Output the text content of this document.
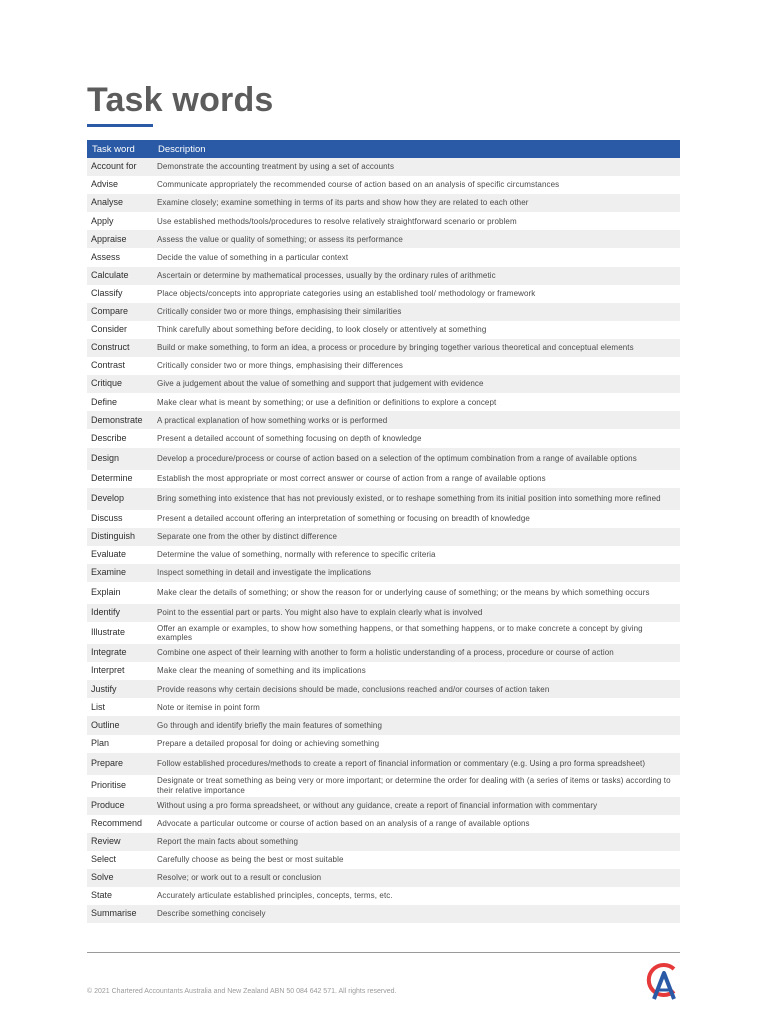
Task words
Task word	Description
Account for	Demonstrate the accounting treatment by using a set of accounts
Advise	Communicate appropriately the recommended course of action based on an analysis of specific circumstances
Analyse	Examine closely; examine something in terms of its parts and show how they are related to each other
Apply	Use established methods/tools/procedures to resolve relatively straightforward scenario or problem
Appraise	Assess the value or quality of something; or assess its performance
Assess	Decide the value of something in a particular context
Calculate	Ascertain or determine by mathematical processes, usually by the ordinary rules of arithmetic
Classify	Place objects/concepts into appropriate categories using an established tool/ methodology or framework
Compare	Critically consider two or more things, emphasising their similarities
Consider	Think carefully about something before deciding, to look closely or attentively at something
Construct	Build or make something, to form an idea, a process or procedure by bringing together various theoretical and conceptual elements
Contrast	Critically consider two or more things, emphasising their differences
Critique	Give a judgement about the value of something and support that judgement with evidence
Define	Make clear what is meant by something; or use a definition or definitions to explore a concept
Demonstrate	A practical explanation of how something works or is performed
Describe	Present a detailed account of something focusing on depth of knowledge
Design	Develop a procedure/process or course of action based on a selection of the optimum combination from a range of available options
Determine	Establish the most appropriate or most correct answer or course of action from a range of available options
Develop	Bring something into existence that has not previously existed, or to reshape something from its initial position into something more refined
Discuss	Present a detailed account offering an interpretation of something or focusing on breadth of knowledge
Distinguish	Separate one from the other by distinct difference
Evaluate	Determine the value of something, normally with reference to specific criteria
Examine	Inspect something in detail and investigate the implications
Explain	Make clear the details of something; or show the reason for or underlying cause of something; or the means by which something occurs
Identify	Point to the essential part or parts. You might also have to explain clearly what is involved
Illustrate	Offer an example or examples, to show how something happens, or that something happens, or to make concrete a concept by giving examples
Integrate	Combine one aspect of their learning with another to form a holistic understanding of a process, procedure or course of action
Interpret	Make clear the meaning of something and its implications
Justify	Provide reasons why certain decisions should be made, conclusions reached and/or courses of action taken
List	Note or itemise in point form
Outline	Go through and identify briefly the main features of something
Plan	Prepare a detailed proposal for doing or achieving something
Prepare	Follow established procedures/methods to create a report of financial information or commentary (e.g. Using a pro forma spreadsheet)
Prioritise	Designate or treat something as being very or more important; or determine the order for dealing with (a series of items or tasks) according to their relative importance
Produce	Without using a pro forma spreadsheet, or without any guidance, create a report of financial information with commentary
Recommend	Advocate a particular outcome or course of action based on an analysis of a range of available options
Review	Report the main facts about something
Select	Carefully choose as being the best or most suitable
Solve	Resolve; or work out to a result or conclusion
State	Accurately articulate established principles, concepts, terms, etc.
Summarise	Describe something concisely
© 2021 Chartered Accountants Australia and New Zealand ABN 50 084 642 571. All rights reserved.
